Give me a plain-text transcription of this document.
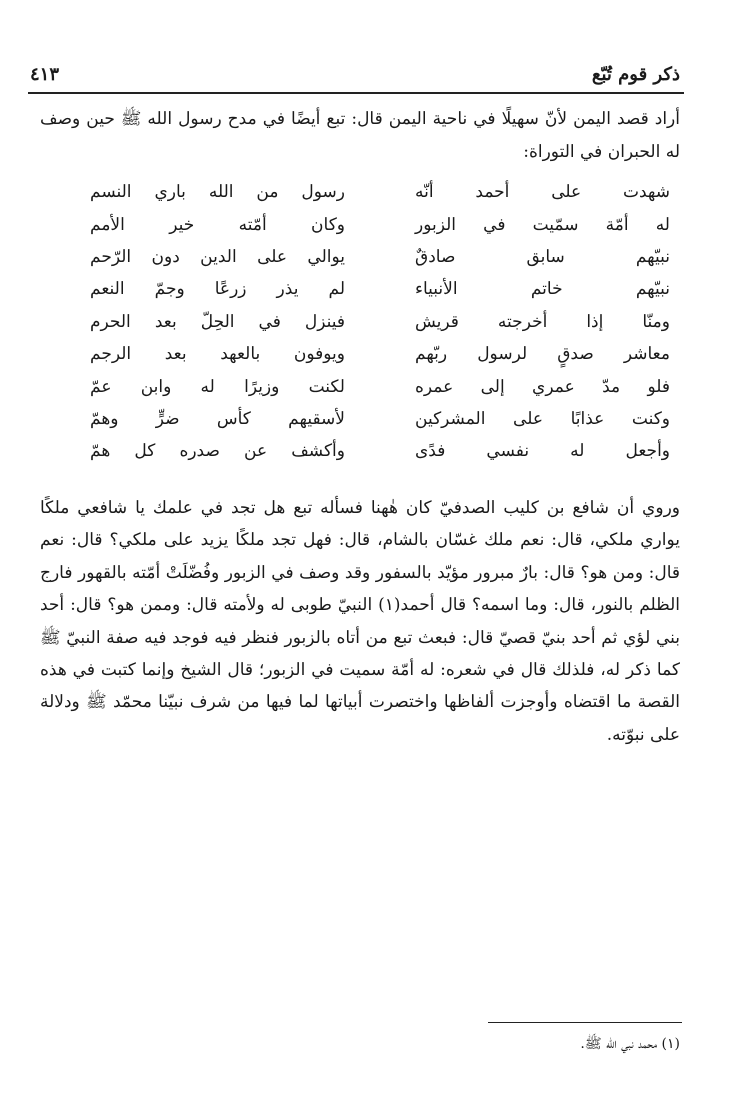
ذكر قوم تُبّع
٤١٣

أراد قصد اليمن لأنّ سهيلًا في ناحية اليمن قال: تبع أيضًا في مدح رسول الله ﷺ حين وصف له الحبران في التوراة:

شهدت على أحمد أنّه
رسول من الله باري النسم
له أمّة سمّيت في الزبور
وكان أمّته خير الأمم
نبيّهم سابق صادقٌ
يوالي على الدين دون الرّحم
نبيّهم خاتم الأنبياء
لم يذر زرعًا وجمّ النعم
ومنّا إذا أخرجته قريش
فينزل في الحِلّ بعد الحرم
معاشر صدقٍ لرسول ربّهم
ويوفون بالعهد بعد الرجم
فلو مدّ عمري إلى عمره
لكنت وزيرًا له وابن عمّ
وكنت عذابًا على المشركين
لأسقيهم كأس ضرٍّ وهمّ
وأجعل له نفسي فدًى
وأكشف عن صدره كل همّ

وروي أن شافع بن كليب الصدفيّ كان هٰهنا فسأله تبع هل تجد في علمك يا شافعي ملكًا يواري ملكي، قال: نعم ملك غسّان بالشام، قال: فهل تجد ملكًا يزيد على ملكي؟ قال: نعم قال: ومن هو؟ قال: بارٌ مبرور مؤيّد بالسفور وقد وصف في الزبور وفُضّلَتْ أمّته بالقهور فارج الظلم بالنور، قال: وما اسمه؟ قال أحمد(١) النبيّ طوبى له ولأمته قال: وممن هو؟ قال: أحد بني لؤي ثم أحد بنيّ قصيّ قال: فبعث تبع من أتاه بالزبور فنظر فيه فوجد فيه صفة النبيّ ﷺ كما ذكر له، فلذلك قال في شعره: له أمّة سميت في الزبور؛ قال الشيخ وإنما كتبت في هذه القصة ما اقتضاه وأوجزت ألفاظها واختصرت أبياتها لما فيها من شرف نبيّنا محمّد ﷺ ودلالة على نبوّته.

(١) محمد نبي الله ﷺ.
